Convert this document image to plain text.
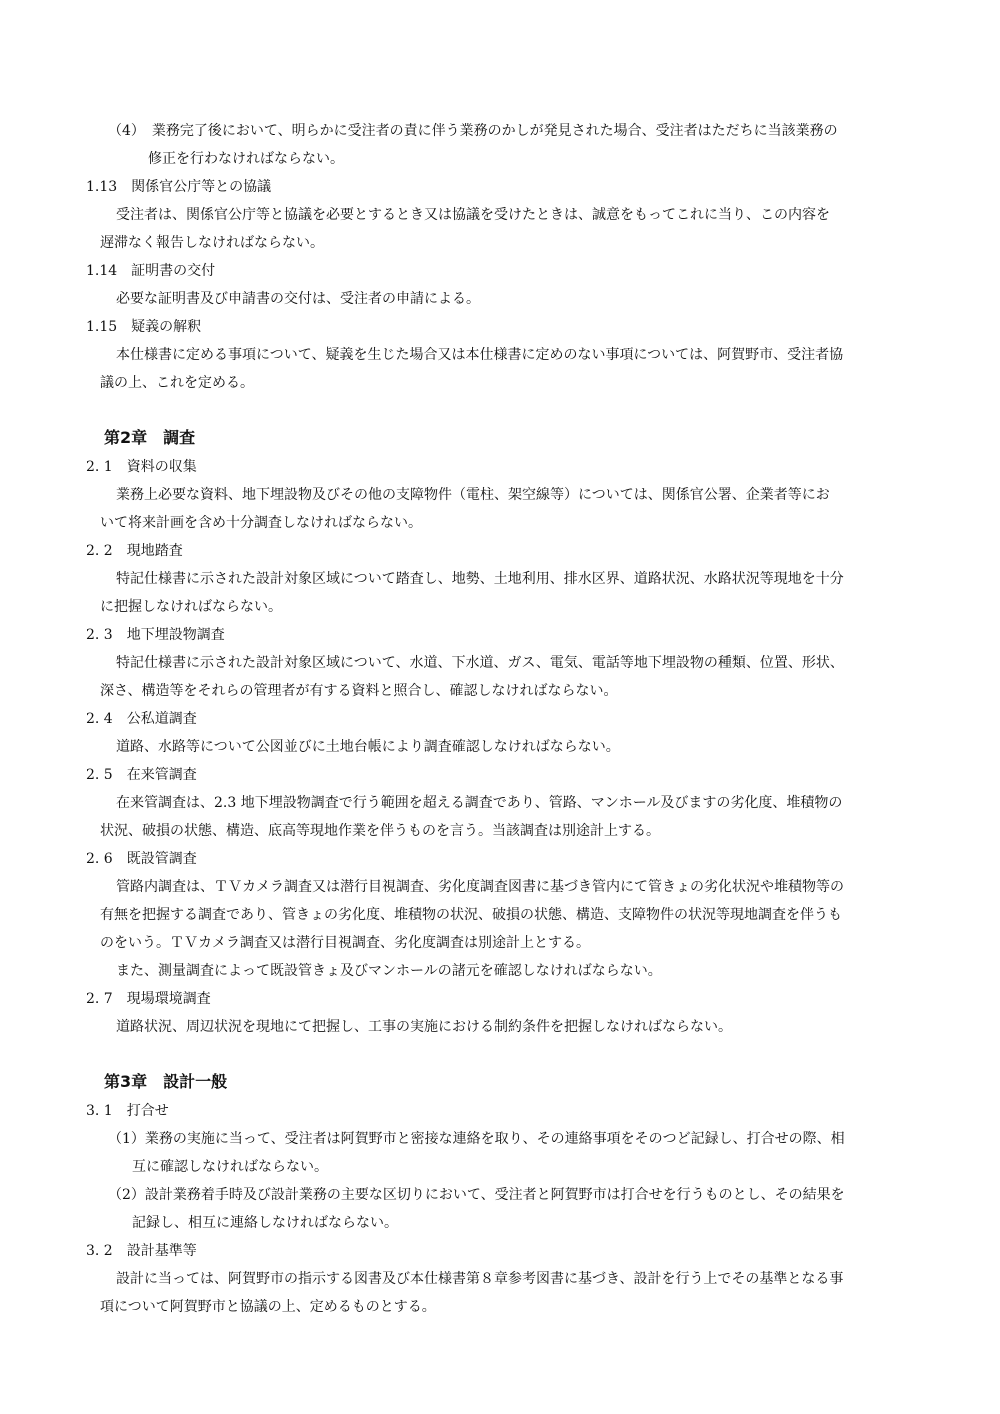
（4）　業務完了後において、明らかに受注者の責に伴う業務のかしが発見された場合、受注者はただちに当該業務の
修正を行わなければならない。
1.13　関係官公庁等との協議
受注者は、関係官公庁等と協議を必要とするとき又は協議を受けたときは、誠意をもってこれに当り、この内容を
遅滞なく報告しなければならない。
1.14　証明書の交付
必要な証明書及び申請書の交付は、受注者の申請による。
1.15　疑義の解釈
本仕様書に定める事項について、疑義を生じた場合又は本仕様書に定めのない事項については、阿賀野市、受注者協
議の上、これを定める。
第2章　調査
2. 1　資料の収集
業務上必要な資料、地下埋設物及びその他の支障物件（電柱、架空線等）については、関係官公署、企業者等にお
いて将来計画を含め十分調査しなければならない。
2. 2　現地踏査
特記仕様書に示された設計対象区域について踏査し、地勢、土地利用、排水区界、道路状況、水路状況等現地を十分
に把握しなければならない。
2. 3　地下埋設物調査
特記仕様書に示された設計対象区域について、水道、下水道、ガス、電気、電話等地下埋設物の種類、位置、形状、
深さ、構造等をそれらの管理者が有する資料と照合し、確認しなければならない。
2. 4　公私道調査
道路、水路等について公図並びに土地台帳により調査確認しなければならない。
2. 5　在来管調査
在来管調査は、2.3 地下埋設物調査で行う範囲を超える調査であり、管路、マンホール及びますの劣化度、堆積物の
状況、破損の状態、構造、底高等現地作業を伴うものを言う。当該調査は別途計上する。
2. 6　既設管調査
管路内調査は、ＴＶカメラ調査又は潜行目視調査、劣化度調査図書に基づき管内にて管きょの劣化状況や堆積物等の
有無を把握する調査であり、管きょの劣化度、堆積物の状況、破損の状態、構造、支障物件の状況等現地調査を伴うも
のをいう。ＴＶカメラ調査又は潜行目視調査、劣化度調査は別途計上とする。
また、測量調査によって既設管きょ及びマンホールの諸元を確認しなければならない。
2. 7　現場環境調査
道路状況、周辺状況を現地にて把握し、工事の実施における制約条件を把握しなければならない。
第3章　設計一般
3. 1　打合せ
（1）業務の実施に当って、受注者は阿賀野市と密接な連絡を取り、その連絡事項をそのつど記録し、打合せの際、相
互に確認しなければならない。
（2）設計業務着手時及び設計業務の主要な区切りにおいて、受注者と阿賀野市は打合せを行うものとし、その結果を
記録し、相互に連絡しなければならない。
3. 2　設計基準等
設計に当っては、阿賀野市の指示する図書及び本仕様書第８章参考図書に基づき、設計を行う上でその基準となる事
項について阿賀野市と協議の上、定めるものとする。
